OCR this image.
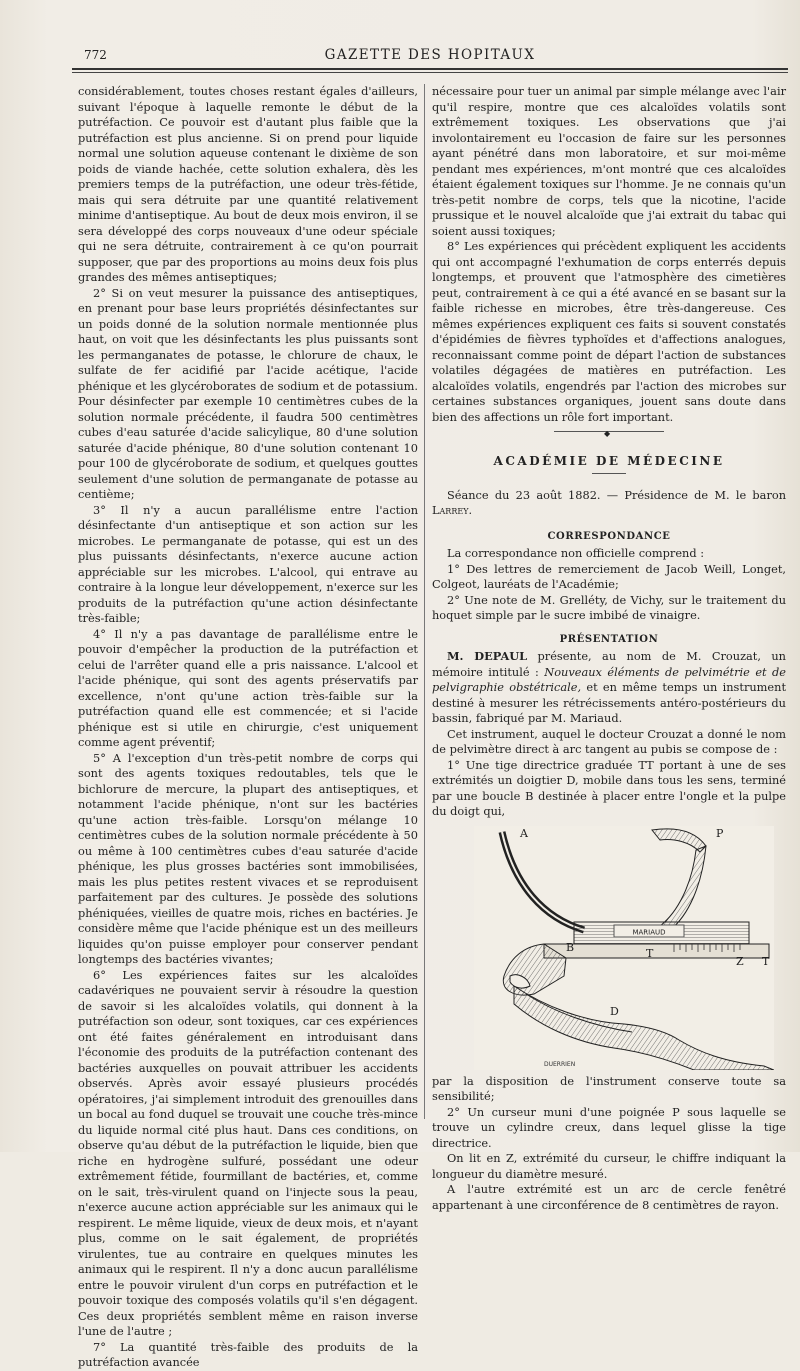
772	GAZETTE DES HOPITAUX

considérablement, toutes choses restant égales d'ailleurs, suivant l'époque à laquelle remonte le début de la putréfaction. Ce pouvoir est d'autant plus faible que la putréfaction est plus ancienne. Si on prend pour liquide normal une solution aqueuse contenant le dixième de son poids de viande hachée, cette solution exhalera, dès les premiers temps de la putréfaction, une odeur très-fétide, mais qui sera détruite par une quantité relativement minime d'antiseptique. Au bout de deux mois environ, il se sera développé des corps nouveaux d'une odeur spéciale qui ne sera détruite, contrairement à ce qu'on pourrait supposer, que par des proportions au moins deux fois plus grandes des mêmes antiseptiques;

2° Si on veut mesurer la puissance des antiseptiques, en prenant pour base leurs propriétés désinfectantes sur un poids donné de la solution normale mentionnée plus haut, on voit que les désinfectants les plus puissants sont les permanganates de potasse, le chlorure de chaux, le sulfate de fer acidifié par l'acide acétique, l'acide phénique et les glycéroborates de sodium et de potassium. Pour désinfecter par exemple 10 centimètres cubes de la solution normale précédente, il faudra 500 centimètres cubes d'eau saturée d'acide salicylique, 80 d'une solution saturée d'acide phénique, 80 d'une solution contenant 10 pour 100 de glycéroborate de sodium, et quelques gouttes seulement d'une solution de permanganate de potasse au centième;

3° Il n'y a aucun parallélisme entre l'action désinfectante d'un antiseptique et son action sur les microbes. Le permanganate de potasse, qui est un des plus puissants désinfectants, n'exerce aucune action appréciable sur les microbes. L'alcool, qui entrave au contraire à la longue leur développement, n'exerce sur les produits de la putréfaction qu'une action désinfectante très-faible;

4° Il n'y a pas davantage de parallélisme entre le pouvoir d'empêcher la production de la putréfaction et celui de l'arrêter quand elle a pris naissance. L'alcool et l'acide phénique, qui sont des agents préservatifs par excellence, n'ont qu'une action très-faible sur la putréfaction quand elle est commencée; et si l'acide phénique est si utile en chirurgie, c'est uniquement comme agent préventif;

5° A l'exception d'un très-petit nombre de corps qui sont des agents toxiques redoutables, tels que le bichlorure de mercure, la plupart des antiseptiques, et notamment l'acide phénique, n'ont sur les bactéries qu'une action très-faible. Lorsqu'on mélange 10 centimètres cubes de la solution normale précédente à 50 ou même à 100 centimètres cubes d'eau saturée d'acide phénique, les plus grosses bactéries sont immobilisées, mais les plus petites restent vivaces et se reproduisent parfaitement par des cultures. Je possède des solutions phéniquées, vieilles de quatre mois, riches en bactéries. Je considère même que l'acide phénique est un des meilleurs liquides qu'on puisse employer pour conserver pendant longtemps des bactéries vivantes;

6° Les expériences faites sur les alcaloïdes cadavériques ne pouvaient servir à résoudre la question de savoir si les alcaloïdes volatils, qui donnent à la putréfaction son odeur, sont toxiques, car ces expériences ont été faites généralement en introduisant dans l'économie des produits de la putréfaction contenant des bactéries auxquelles on pouvait attribuer les accidents observés. Après avoir essayé plusieurs procédés opératoires, j'ai simplement introduit des grenouilles dans un bocal au fond duquel se trouvait une couche très-mince du liquide normal cité plus haut. Dans ces conditions, on observe qu'au début de la putréfaction le liquide, bien que riche en hydrogène sulfuré, possédant une odeur extrêmement fétide, fourmillant de bactéries, et, comme on le sait, très-virulent quand on l'injecte sous la peau, n'exerce aucune action appréciable sur les animaux qui le respirent. Le même liquide, vieux de deux mois, et n'ayant plus, comme on le sait également, de propriétés virulentes, tue au contraire en quelques minutes les animaux qui le respirent. Il n'y a donc aucun parallélisme entre le pouvoir virulent d'un corps en putréfaction et le pouvoir toxique des composés volatils qu'il s'en dégagent. Ces deux propriétés semblent même en raison inverse l'une de l'autre ;

7° La quantité très-faible des produits de la putréfaction avancée

nécessaire pour tuer un animal par simple mélange avec l'air qu'il respire, montre que ces alcaloïdes volatils sont extrêmement toxiques. Les observations que j'ai involontairement eu l'occasion de faire sur les personnes ayant pénétré dans mon laboratoire, et sur moi-même pendant mes expériences, m'ont montré que ces alcaloïdes étaient également toxiques sur l'homme. Je ne connais qu'un très-petit nombre de corps, tels que la nicotine, l'acide prussique et le nouvel alcaloïde que j'ai extrait du tabac qui soient aussi toxiques;

8° Les expériences qui précèdent expliquent les accidents qui ont accompagné l'exhumation de corps enterrés depuis longtemps, et prouvent que l'atmosphère des cimetières peut, contrairement à ce qui a été avancé en se basant sur la faible richesse en microbes, être très-dangereuse. Ces mêmes expériences expliquent ces faits si souvent constatés d'épidémies de fièvres typhoïdes et d'affections analogues, reconnaissant comme point de départ l'action de substances volatiles dégagées de matières en putréfaction. Les alcaloïdes volatils, engendrés par l'action des microbes sur certaines substances organiques, jouent sans doute dans bien des affections un rôle fort important.

◆

ACADÉMIE DE MÉDECINE

Séance du 23 août 1882. — Présidence de M. le baron Larrey.

CORRESPONDANCE

La correspondance non officielle comprend :

1° Des lettres de remerciement de Jacob Weill, Longet, Colgeot, lauréats de l'Académie;

2° Une note de M. Grelléty, de Vichy, sur le traitement du hoquet simple par le sucre imbibé de vinaigre.

PRÉSENTATION

M. DEPAUL présente, au nom de M. Crouzat, un mémoire intitulé : Nouveaux éléments de pelvimétrie et de pelvigraphie obstétricale, et en même temps un instrument destiné à mesurer les rétrécissements antéro-postérieurs du bassin, fabriqué par M. Mariaud.

Cet instrument, auquel le docteur Crouzat a donné le nom de pelvimètre direct à arc tangent au pubis se compose de :

1° Une tige directrice graduée TT portant à une de ses extrémités un doigtier D, mobile dans tous les sens, terminé par une boucle B destinée à placer entre l'ongle et la pulpe du doigt qui,

MARIAUD
DUERRIEN
A	P
B	T
Z T
D

par la disposition de l'instrument conserve toute sa sensibilité;

2° Un curseur muni d'une poignée P sous laquelle se trouve un cylindre creux, dans lequel glisse la tige directrice.

On lit en Z, extrémité du curseur, le chiffre indiquant la longueur du diamètre mesuré.

A l'autre extrémité est un arc de cercle fenêtré appartenant à une circonférence de 8 centimètres de rayon.
